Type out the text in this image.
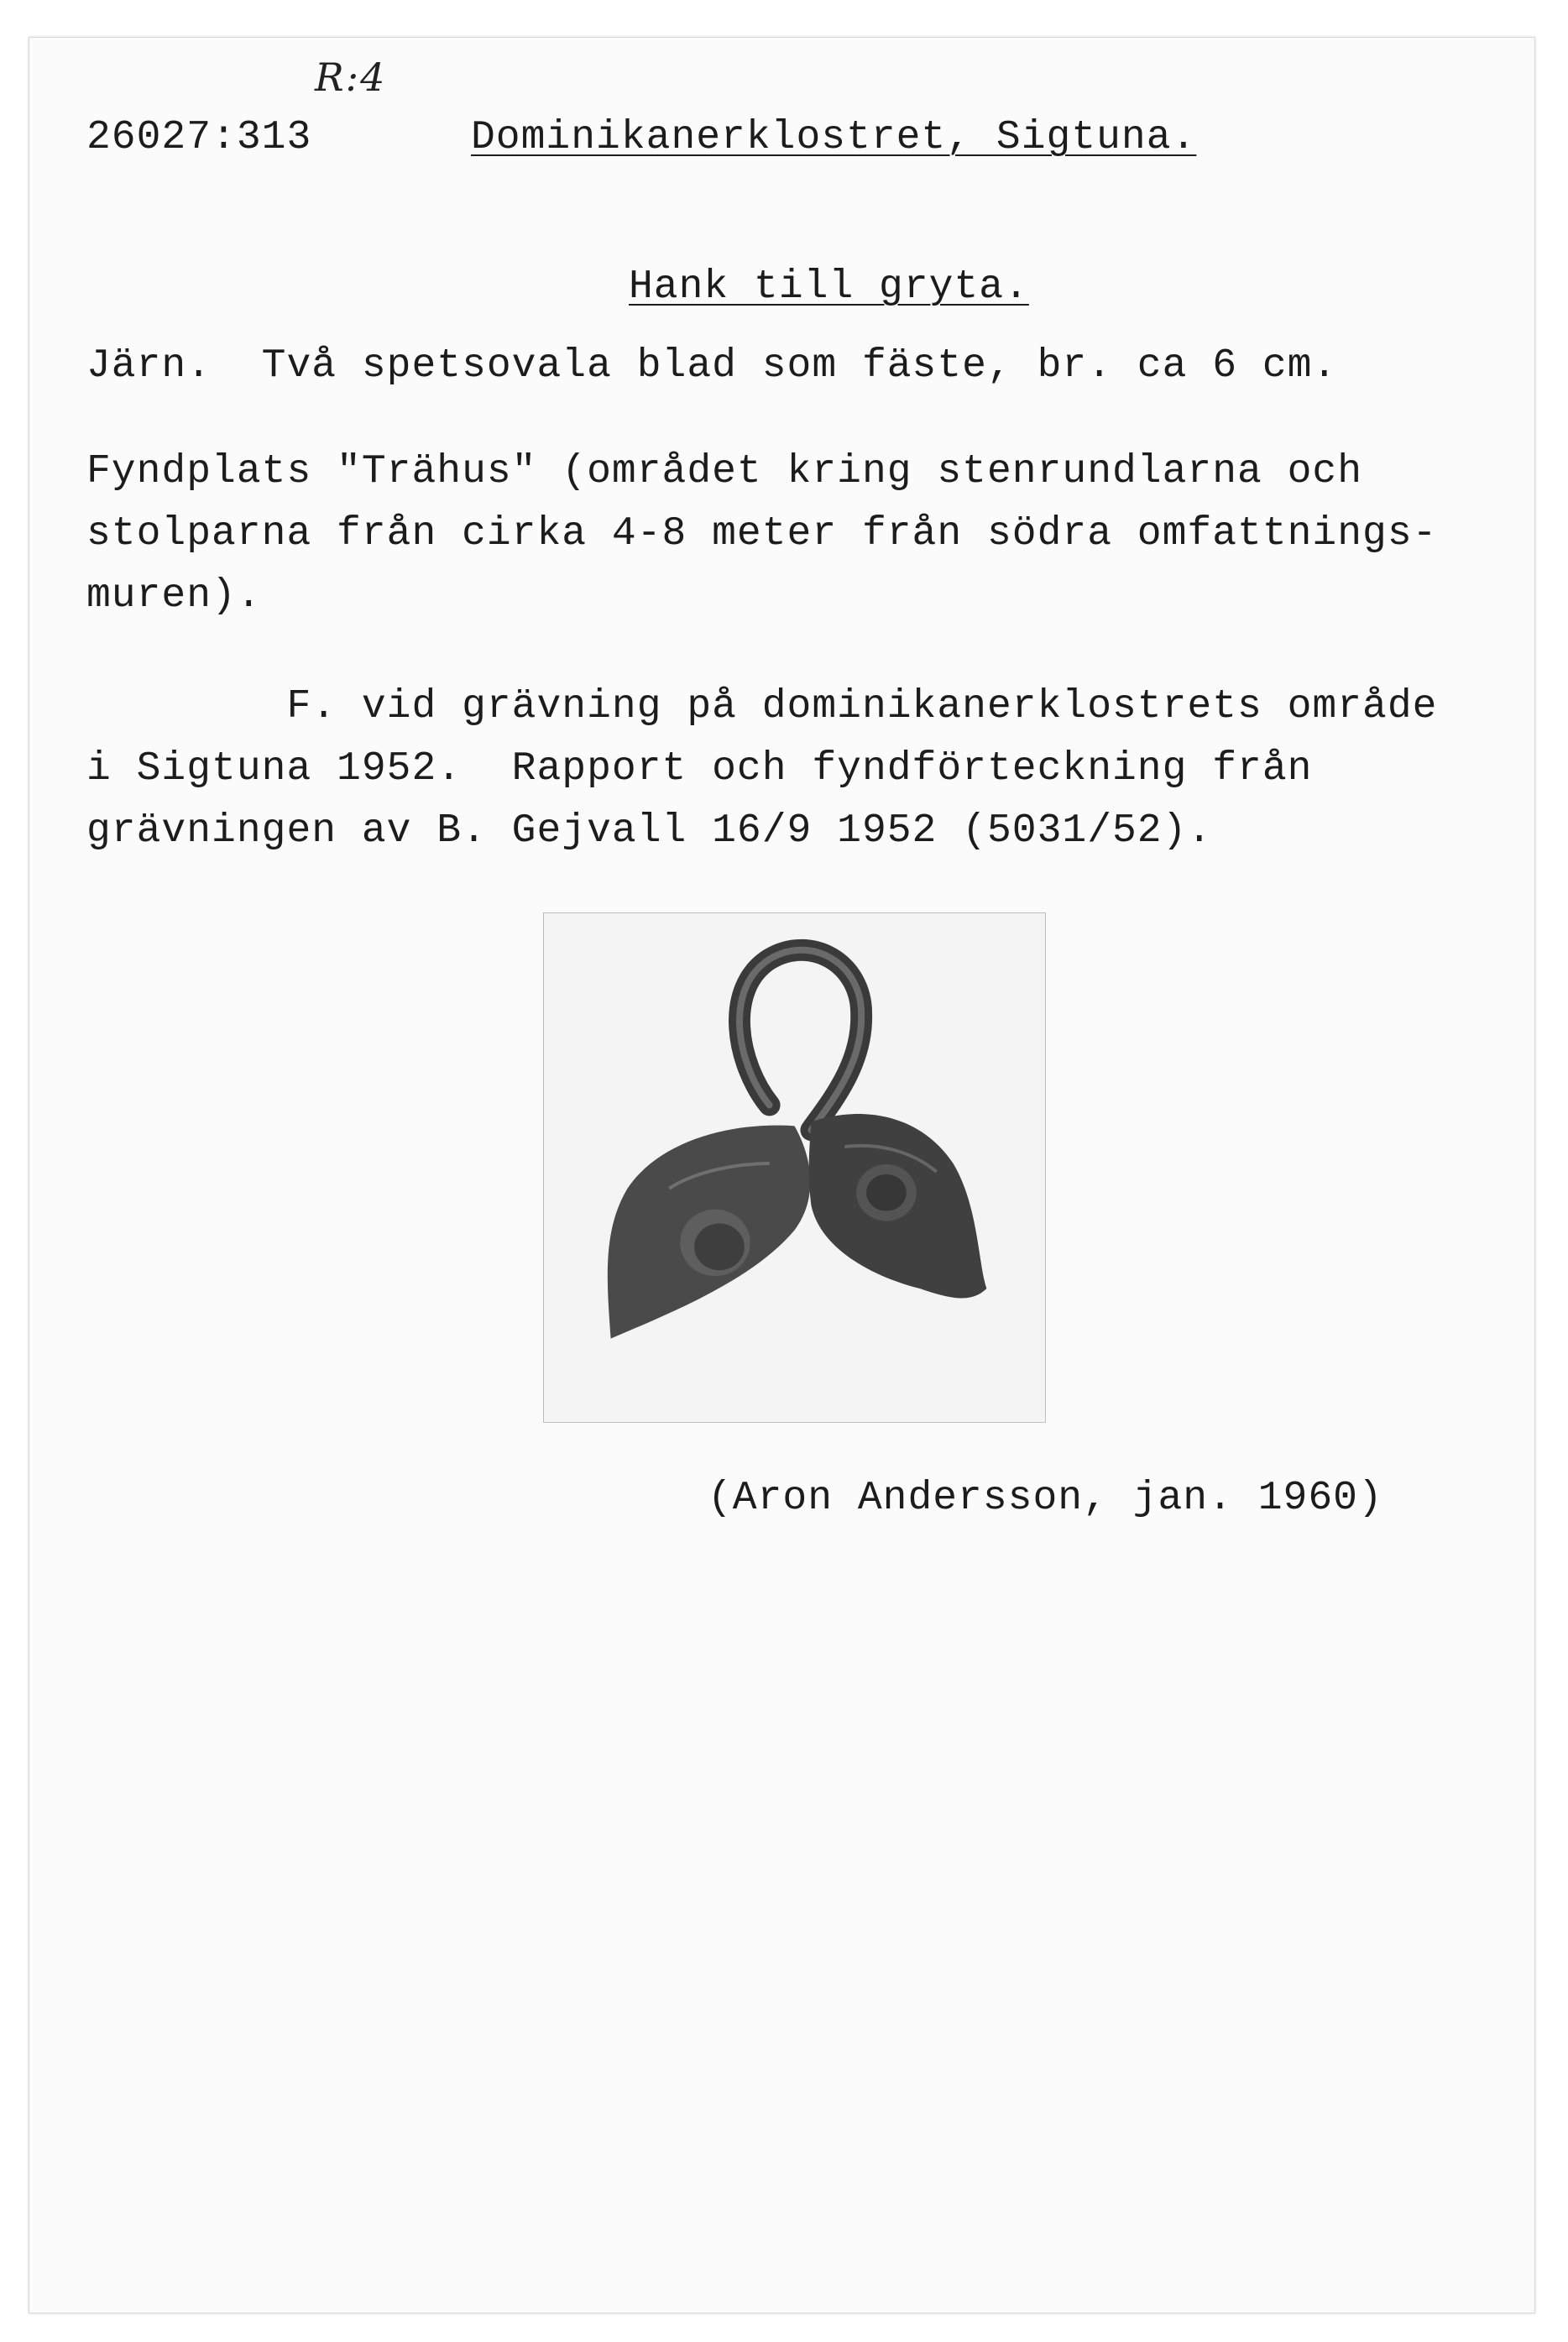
R:4
26027:313	Dominikanerklostret, Sigtuna.
Hank till gryta.
Järn.  Två spetsovala blad som fäste, br. ca 6 cm.
Fyndplats "Trähus" (området kring stenrundlarna och
stolparna från cirka 4-8 meter från södra omfattnings-
muren).
F. vid grävning på dominikanerklostrets område
i Sigtuna 1952.  Rapport och fyndförteckning från
grävningen av B. Gejvall 16/9 1952 (5031/52).
(Aron Andersson, jan. 1960)
